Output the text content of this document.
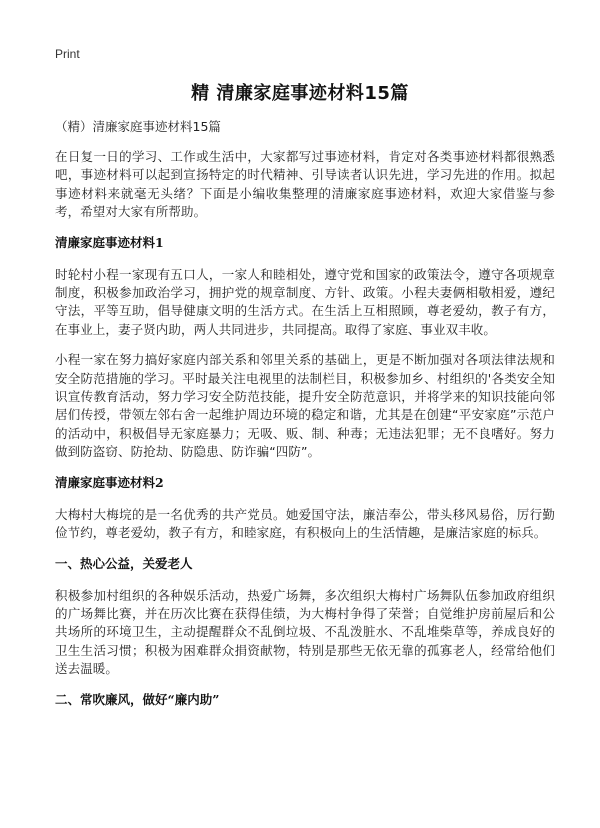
Print
精 清廉家庭事迹材料15篇

（精）清廉家庭事迹材料15篇

在日复一日的学习、工作或生活中，大家都写过事迹材料，肯定对各类事迹材料都很熟悉吧，事迹材料可以起到宣扬特定的时代精神、引导读者认识先进，学习先进的作用。拟起事迹材料来就毫无头绪？下面是小编收集整理的清廉家庭事迹材料，欢迎大家借鉴与参考，希望对大家有所帮助。

清廉家庭事迹材料1

时轮村小程一家现有五口人，一家人和睦相处，遵守党和国家的政策法令，遵守各项规章制度，积极参加政治学习，拥护党的规章制度、方针、政策。小程夫妻俩相敬相爱，遵纪守法，平等互助，倡导健康文明的生活方式。在生活上互相照顾，尊老爱幼，教子有方，在事业上，妻子贤内助，两人共同进步，共同提高。取得了家庭、事业双丰收。

小程一家在努力搞好家庭内部关系和邻里关系的基础上，更是不断加强对各项法律法规和安全防范措施的学习。平时最关注电视里的法制栏目，积极参加乡、村组织的'各类安全知识宣传教育活动，努力学习安全防范技能，提升安全防范意识，并将学来的知识技能向邻居们传授，带领左邻右舍一起维护周边环境的稳定和谐，尤其是在创建“平安家庭”示范户的活动中，积极倡导无家庭暴力；无吸、贩、制、种毒；无违法犯罪；无不良嗜好。努力做到防盗窃、防抢劫、防隐患、防诈骗“四防”。

清廉家庭事迹材料2

大梅村大梅垸的是一名优秀的共产党员。她爱国守法，廉洁奉公，带头移风易俗，厉行勤俭节约，尊老爱幼，教子有方，和睦家庭，有积极向上的生活情趣，是廉洁家庭的标兵。

一、热心公益，关爱老人

积极参加村组织的各种娱乐活动，热爱广场舞，多次组织大梅村广场舞队伍参加政府组织的广场舞比赛，并在历次比赛在获得佳绩，为大梅村争得了荣誉；自觉维护房前屋后和公共场所的环境卫生，主动提醒群众不乱倒垃圾、不乱泼脏水、不乱堆柴草等，养成良好的卫生生活习惯；积极为困难群众捐资献物，特别是那些无依无靠的孤寡老人，经常给他们送去温暖。

二、常吹廉风，做好“廉内助”
